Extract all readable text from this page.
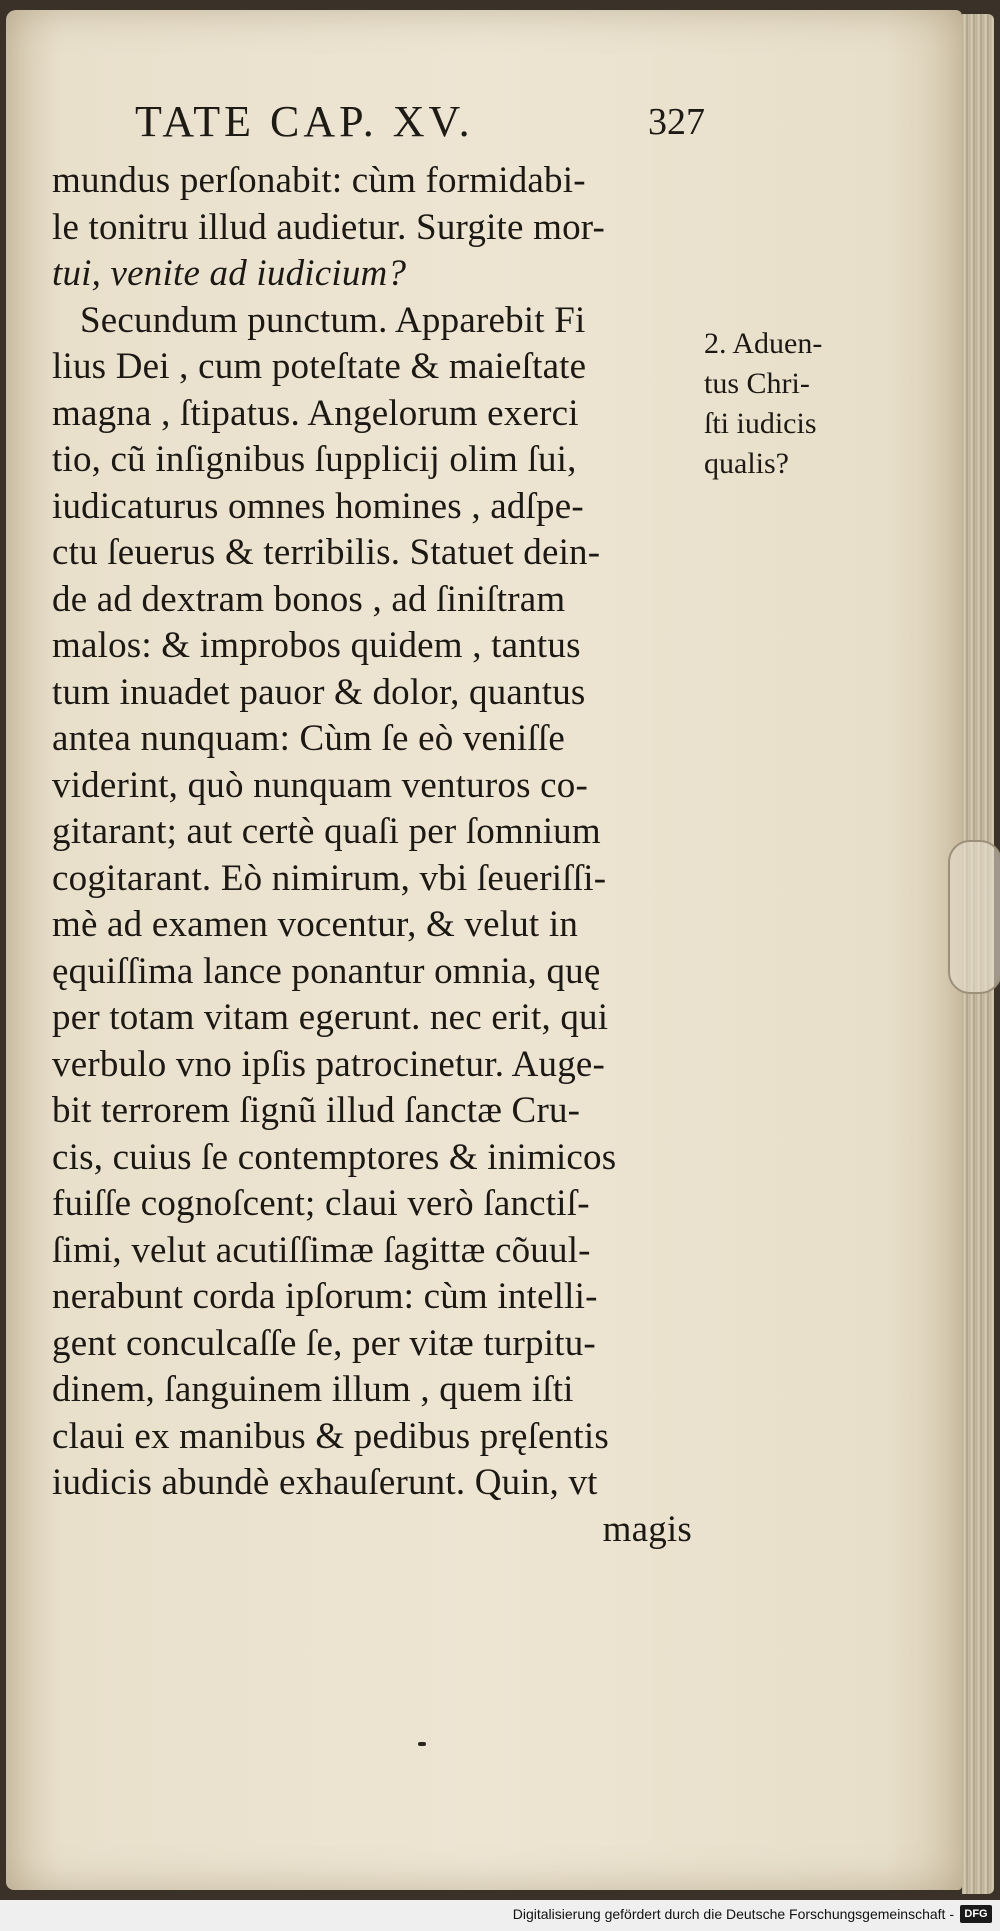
TATE CAP. XV.	327
mundus perſonabit: cùm formidabi-
le tonitru illud audietur. Surgite mor-
tui, venite ad iudicium?
Secundum punctum. Apparebit Fi
lius Dei , cum poteſtate & maieſtate
magna , ſtipatus. Angelorum exerci
tio, cũ inſignibus ſupplicij olim ſui,
iudicaturus omnes homines , adſpe-
ctu ſeuerus & terribilis. Statuet dein-
de ad dextram bonos , ad ſiniſtram
malos: & improbos quidem , tantus
tum inuadet pauor & dolor, quantus
antea nunquam: Cùm ſe eò veniſſe
viderint, quò nunquam venturos co-
gitarant; aut certè quaſi per ſomnium
cogitarant. Eò nimirum, vbi ſeueriſſi-
mè ad examen vocentur, & velut in
ęquiſſima lance ponantur omnia, quę
per totam vitam egerunt. nec erit, qui
verbulo vno ipſis patrocinetur. Auge-
bit terrorem ſignũ illud ſanctæ Cru-
cis, cuius ſe contemptores & inimicos
fuiſſe cognoſcent; claui verò ſanctiſ-
ſimi, velut acutiſſimæ ſagittæ cõuul-
nerabunt corda ipſorum: cùm intelli-
gent conculcaſſe ſe, per vitæ turpitu-
dinem, ſanguinem illum , quem iſti
claui ex manibus & pedibus pręſentis
iudicis abundè exhauſerunt. Quin, vt
magis
2. Aduen-
tus Chri-
ſti iudicis
qualis?
Digitalisierung gefördert durch die Deutsche Forschungsgemeinschaft - DFG
